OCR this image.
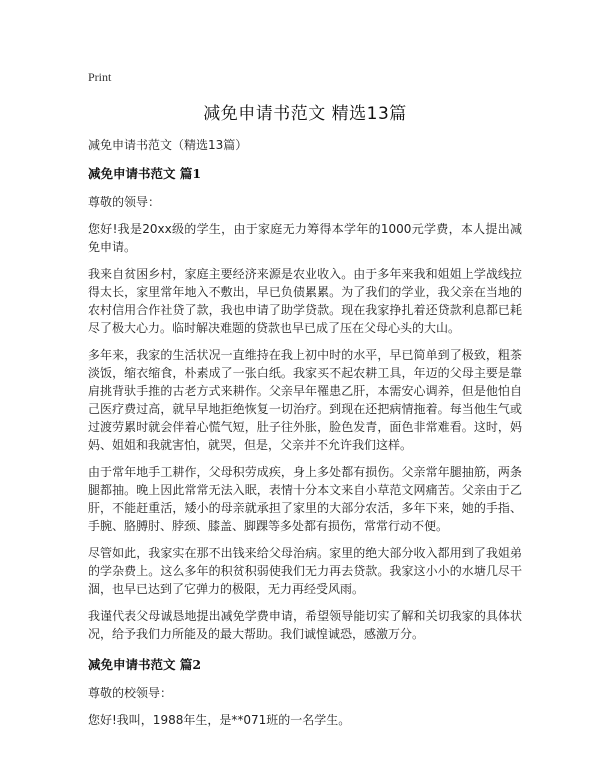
Print
减免申请书范文 精选13篇
减免申请书范文（精选13篇）
减免申请书范文 篇1

尊敬的领导：

您好!我是20xx级的学生，由于家庭无力筹得本学年的1000元学费，本人提出减免申请。

我来自贫困乡村，家庭主要经济来源是农业收入。由于多年来我和姐姐上学战线拉得太长，家里常年地入不敷出，早已负债累累。为了我们的学业，我父亲在当地的农村信用合作社贷了款，我也申请了助学贷款。现在我家挣扎着还贷款利息都已耗尽了极大心力。临时解决难题的贷款也早已成了压在父母心头的大山。

多年来，我家的生活状况一直维持在我上初中时的水平，早已简单到了极致，粗茶淡饭，缩衣缩食，朴素成了一张白纸。我家买不起农耕工具，年迈的父母主要是靠肩挑背驮手推的古老方式来耕作。父亲早年罹患乙肝，本需安心调养，但是他怕自己医疗费过高，就早早地拒绝恢复一切治疗。到现在还把病情拖着。每当他生气或过渡劳累时就会伴着心慌气短，肚子往外胀，脸色发青，面色非常难看。这时，妈妈、姐姐和我就害怕，就哭，但是，父亲并不允许我们这样。

由于常年地手工耕作，父母积劳成疾，身上多处都有损伤。父亲常年腿抽筋，两条腿都抽。晚上因此常常无法入眠，表情十分本文来自小草范文网痛苦。父亲由于乙肝，不能赶重活，矮小的母亲就承担了家里的大部分农活，多年下来，她的手指、手腕、胳膊肘、脖颈、膝盖、脚踝等多处都有损伤，常常行动不便。

尽管如此，我家实在那不出钱来给父母治病。家里的绝大部分收入都用到了我姐弟的学杂费上。这么多年的积贫积弱使我们无力再去贷款。我家这小小的水塘几尽干涸，也早已达到了它弹力的极限，无力再经受风雨。

我谨代表父母诚恳地提出减免学费申请，希望领导能切实了解和关切我家的具体状况，给予我们力所能及的最大帮助。我们诚惶诚恐，感激万分。

减免申请书范文 篇2

尊敬的校领导：

您好!我叫，1988年生，是**071班的一名学生。
